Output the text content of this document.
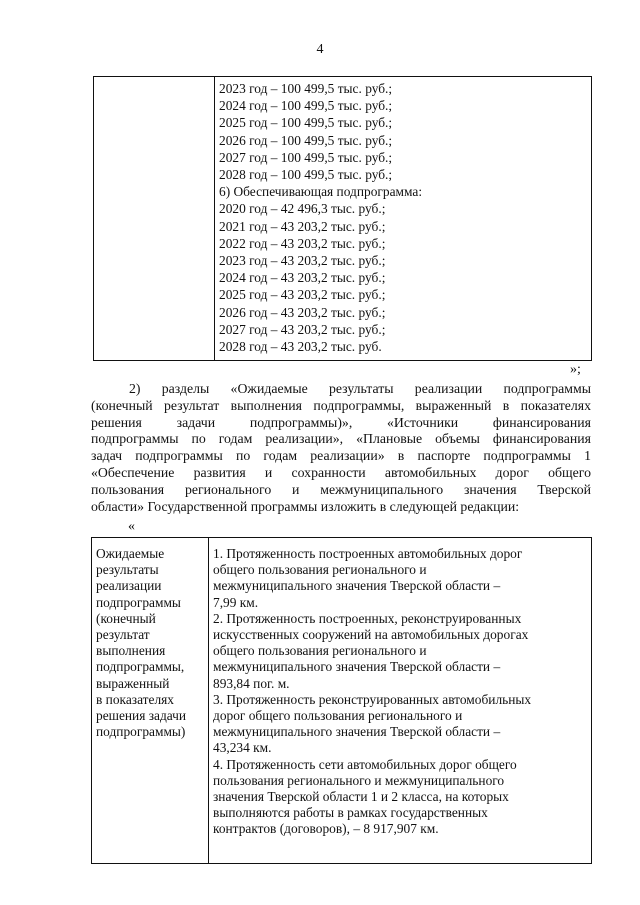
4
2023 год – 100 499,5 тыс. руб.;
2024 год – 100 499,5 тыс. руб.;
2025 год – 100 499,5 тыс. руб.;
2026 год – 100 499,5 тыс. руб.;
2027 год – 100 499,5 тыс. руб.;
2028 год – 100 499,5 тыс. руб.;
6) Обеспечивающая подпрограмма:
2020 год – 42 496,3 тыс. руб.;
2021 год – 43 203,2 тыс. руб.;
2022 год – 43 203,2 тыс. руб.;
2023 год – 43 203,2 тыс. руб.;
2024 год – 43 203,2 тыс. руб.;
2025 год – 43 203,2 тыс. руб.;
2026 год – 43 203,2 тыс. руб.;
2027 год – 43 203,2 тыс. руб.;
2028 год – 43 203,2 тыс. руб.
»;
2) разделы «Ожидаемые результаты реализации подпрограммы
(конечный результат выполнения подпрограммы, выраженный в показателях
решения задачи подпрограммы)», «Источники финансирования
подпрограммы по годам реализации», «Плановые объемы финансирования
задач подпрограммы по годам реализации» в паспорте подпрограммы 1
«Обеспечение развития и сохранности автомобильных дорог общего
пользования регионального и межмуниципального значения Тверской
области» Государственной программы изложить в следующей редакции:
«
Ожидаемые
результаты
реализации
подпрограммы
(конечный
результат
выполнения
подпрограммы,
выраженный
в показателях
решения задачи
подпрограммы)
1. Протяженность построенных автомобильных дорог
общего пользования регионального и
межмуниципального значения Тверской области –
7,99 км.
2. Протяженность построенных, реконструированных
искусственных сооружений на автомобильных дорогах
общего пользования регионального и
межмуниципального значения Тверской области –
893,84 пог. м.
3. Протяженность реконструированных автомобильных
дорог общего пользования регионального и
межмуниципального значения Тверской области –
43,234 км.
4. Протяженность сети автомобильных дорог общего
пользования регионального и межмуниципального
значения Тверской области 1 и 2 класса, на которых
выполняются работы в рамках государственных
контрактов (договоров), – 8 917,907 км.
